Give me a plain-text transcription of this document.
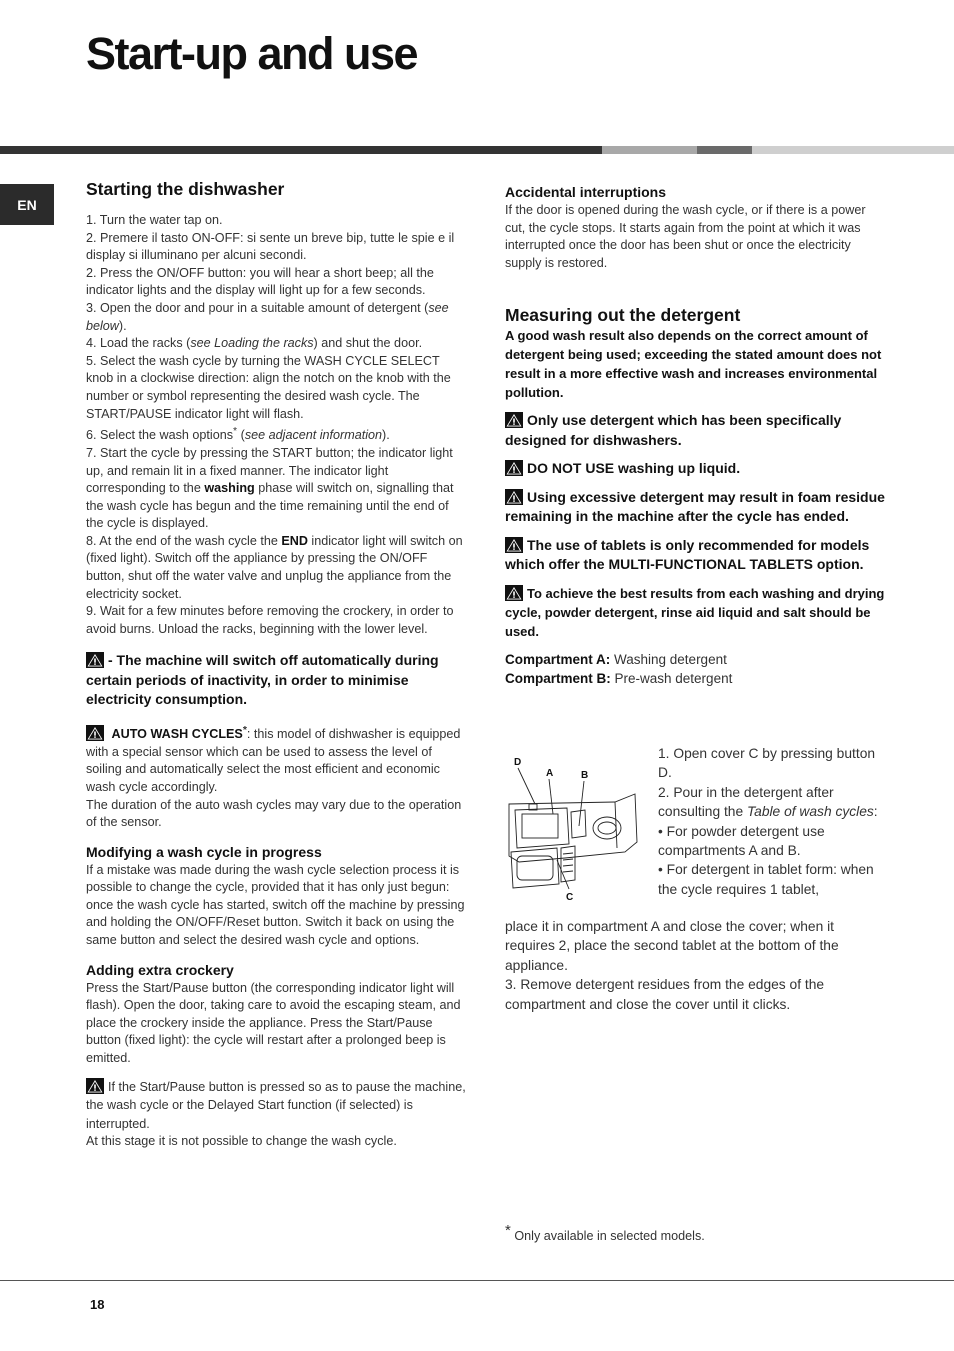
Start-up and use
EN

Starting the dishwasher

1. Turn the water tap on.

2. Premere il tasto ON-OFF: si sente un breve bip, tutte le spie e il display si illuminano per alcuni secondi.

2. Press the ON/OFF button: you will hear a short beep; all the indicator lights and the display will light up for a few seconds.

3. Open the door and pour in a suitable amount of detergent (see below).

4. Load the racks (see Loading the racks) and shut the door.

5. Select the wash cycle by turning the WASH CYCLE SELECT knob in a clockwise direction: align the notch on the knob with the number or symbol representing the desired wash cycle. The START/PAUSE indicator light will flash.

6. Select the wash options* (see adjacent information).

7. Start the cycle by pressing the START button; the indicator light up, and remain lit in a fixed manner. The indicator light corresponding to the washing phase will switch on, signalling that the wash cycle has begun and the time remaining until the end of the cycle is displayed.

8. At the end of the wash cycle the END indicator light will switch on (fixed light). Switch off the appliance by pressing the ON/OFF button, shut off the water valve and unplug the appliance from the electricity socket.

9. Wait for a few minutes before removing the crockery, in order to avoid burns. Unload the racks, beginning with the lower level.

- The machine will switch off automatically during certain periods of inactivity, in order to minimise electricity consumption.

AUTO WASH CYCLES*: this model of dishwasher is equipped with a special sensor which can be used to assess the level of soiling and automatically select the most efficient and economic wash cycle accordingly.

The duration of the auto wash cycles may vary due to the operation of the sensor.

Modifying a wash cycle in progress

If a mistake was made during the wash cycle selection process it is possible to change the cycle, provided that it has only just begun: once the wash cycle has started, switch off the machine by pressing and holding the ON/OFF/Reset button. Switch it back on using the same button and select the desired wash cycle and options.

Adding extra crockery

Press the Start/Pause button (the corresponding indicator light will flash). Open the door, taking care to avoid the escaping steam, and place the crockery inside the appliance. Press the Start/Pause button (fixed light): the cycle will restart after a prolonged beep is emitted.

If the Start/Pause button is pressed so as to pause the machine, the wash cycle or the Delayed Start function (if selected) is interrupted.

At this stage it is not possible to change the wash cycle.

Accidental interruptions

If the door is opened during the wash cycle, or if there is a power cut, the cycle stops. It starts again from the point at which it was interrupted once the door has been shut or once the electricity supply is restored.

Measuring out the detergent

A good wash result also depends on the correct amount of detergent being used; exceeding the stated amount does not result in a more effective wash and increases environmental pollution.

Only use detergent which has been specifically designed for dishwashers.

DO NOT USE washing up liquid.

Using excessive detergent may result in foam residue remaining in the machine after the cycle has ended.

The use of tablets is only recommended for models which offer the MULTI-FUNCTIONAL TABLETS option.

To achieve the best results from each washing and drying cycle, powder detergent, rinse aid liquid and salt should be used.

Compartment A: Washing detergent

Compartment B: Pre-wash detergent

D
A	B
C

1. Open cover C by pressing button D.

2. Pour in the detergent after consulting the Table of wash cycles:

• For powder detergent use compartments A and B.

• For detergent in tablet form: when the cycle requires 1 tablet,

place it in compartment A and close the cover; when it requires 2, place the second tablet at the bottom of the appliance.

3. Remove detergent residues from the edges of the compartment and close the cover until it clicks.

* Only available in selected models.
18
